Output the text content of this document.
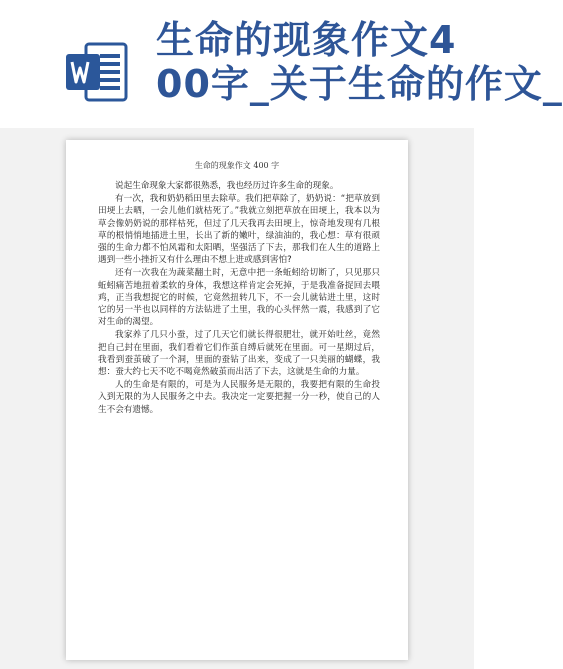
生命的现象作文4
00字_关于生命的作文_
生命的现象作文 400 字

说起生命现象大家都很熟悉，我也经历过许多生命的现象。

有一次，我和奶奶稻田里去除草。我们把草除了，奶奶说：“把草放到田埂上去晒，一会儿他们就枯死了。”我就立刻把草放在田埂上，我本以为草会像奶奶说的那样枯死，但过了几天我再去田埂上，惊奇地发现有几根草的根悄悄地插进土里，长出了新的嫩叶，绿油油的，我心想：草有很顽强的生命力都不怕风霜和太阳晒，坚强活了下去，那我们在人生的道路上遇到一些小挫折又有什么理由不想上进或感到害怕?

还有一次我在为蔬菜翻土时，无意中把一条蚯蚓给切断了，只见那只蚯蚓痛苦地扭着柔软的身体，我想这样肯定会死掉，于是我准备捉回去喂鸡，正当我想捉它的时候，它竟然扭转几下，不一会儿就钻进土里，这时它的另一半也以同样的方法钻进了土里，我的心头怦然一震，我感到了它对生命的渴望。

我家养了几只小蚕，过了几天它们就长得很肥壮，就开始吐丝，竟然把自己封在里面，我们看着它们作茧自缚后就死在里面。可一星期过后，我看到蚕茧破了一个洞，里面的蚕钻了出来，变成了一只美丽的蝴蝶，我想：蚕大约七天不吃不喝竟然破茧而出活了下去，这就是生命的力量。

人的生命是有限的，可是为人民服务是无限的，我要把有限的生命投入到无限的为人民服务之中去。我决定一定要把握一分一秒，使自己的人生不会有遗憾。
